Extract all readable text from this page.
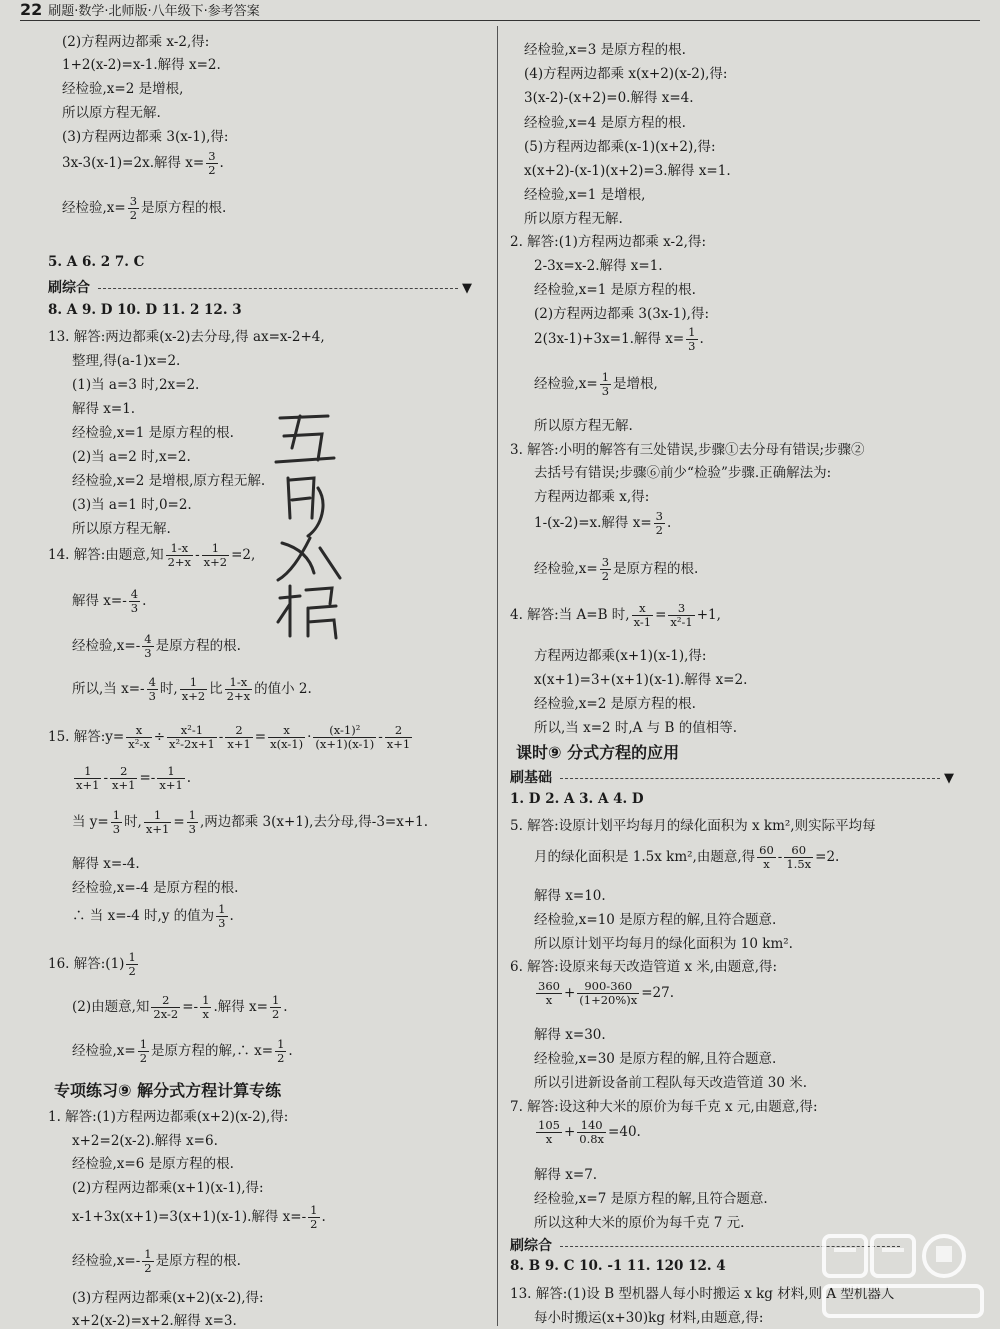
22 刷题·数学·北师版·八年级下·参考答案
(2)方程两边都乘 x-2,得:
1+2(x-2)=x-1.解得 x=2.
经检验,x=2 是增根,
所以原方程无解.
(3)方程两边都乘 3(x-1),得:
3x-3(x-1)=2x.解得 $x= \frac{3}{2}$ .
经检验$,x= \frac{3}{2}$ 是原方程的根.
5. A 6. 2 7. C
刷综合	▼
8. A 9. D 10. D 11. 2 12. 3
13. 解答:两边都乘(x-2)去分母,得 ax=x-2+4,
整理,得(a-1)x=2.
(1)当 a=3 时,2x=2.
解得 x=1.
经检验,x=1 是原方程的根.
(2)当 a=2 时,x=2.
经检验,x=2 是增根,原方程无解.
(3)当 a=1 时,0=2.
所以原方程无解.
14. 解答:由题意,知 $\frac{1-x}{2+x} - \frac{1}{x+2} =2$,
解得 $x=- \frac{4}{3}$ .
经检验$,x=- \frac{4}{3}$ 是原方程的根.
所以,当 $x=- \frac{4}{3}$ 时, $\frac{1}{x+2}$ 比 $\frac{1-x}{2+x}$ 的值小 2.
15. 解答:y= $\frac{x}{\text{x²-x}} \div \frac{\text{x²-1}}{\text{x²-2x+1}} - \frac{2}{x+1} = \frac{x}{x(x-1)} \cdot \frac{\text{(x-1)²}}{(x+1)(x-1)} - \frac{2}{x+1}$
$\frac{1}{x+1} - \frac{2}{x+1} =- \frac{1}{x+1}$ .
当 $y= \frac{1}{3}$ 时, $\frac{1}{x+1} = \frac{1}{3}$ ,两边都乘 3(x+1),去分母,得-3=x+1.
解得 x=-4.
经检验,x=-4 是原方程的根.
∴ 当 x=-4 时,y 的值为 $\frac{1}{3}$ .
16. 解答:(1) $\frac{1}{2}$
(2)由题意,知 $\frac{2}{2x-2} =- \frac{1}{x}$ .解得 $x= \frac{1}{2}$ .
经检验$,x= \frac{1}{2}$ 是原方程的解,∴ $x= \frac{1}{2}$ .
专项练习⑨ 解分式方程计算专练
1. 解答:(1)方程两边都乘(x+2)(x-2),得:
x+2=2(x-2).解得 x=6.
经检验,x=6 是原方程的根.
(2)方程两边都乘(x+1)(x-1),得:
x-1+3x(x+1)=3(x+1)(x-1).解得 $x=- \frac{1}{2}$ .
经检验$,x=- \frac{1}{2}$ 是原方程的根.
(3)方程两边都乘(x+2)(x-2),得:
x+2(x-2)=x+2.解得 x=3.
经检验,x=3 是原方程的根.
(4)方程两边都乘 x(x+2)(x-2),得:
3(x-2)-(x+2)=0.解得 x=4.
经检验,x=4 是原方程的根.
(5)方程两边都乘(x-1)(x+2),得:
x(x+2)-(x-1)(x+2)=3.解得 x=1.
经检验,x=1 是增根,
所以原方程无解.
2. 解答:(1)方程两边都乘 x-2,得:
2-3x=x-2.解得 x=1.
经检验,x=1 是原方程的根.
(2)方程两边都乘 3(3x-1),得:
2(3x-1)+3x=1.解得 $x= \frac{1}{3}$ .
经检验$,x= \frac{1}{3}$ 是增根,
所以原方程无解.
3. 解答:小明的解答有三处错误,步骤①去分母有错误;步骤②
去括号有错误;步骤⑥前少“检验”步骤.正确解法为:
方程两边都乘 x,得:
1-(x-2)=x.解得 $x= \frac{3}{2}$ .
经检验$,x= \frac{3}{2}$ 是原方程的根.
4. 解答:当 A=B 时, $\frac{x}{x-1} = \frac{3}{\text{x²-1}} +1$,
方程两边都乘(x+1)(x-1),得:
x(x+1)=3+(x+1)(x-1).解得 x=2.
经检验,x=2 是原方程的根.
所以,当 x=2 时,A 与 B 的值相等.
课时⑨ 分式方程的应用
刷基础	▼
1. D 2. A 3. A 4. D
5. 解答:设原计划平均每月的绿化面积为 x km²,则实际平均每
月的绿化面积是 1.5x km²,由题意,得 $\frac{60}{x} - \frac{60}{1.5x} =2$.
解得 x=10.
经检验,x=10 是原方程的解,且符合题意.
所以原计划平均每月的绿化面积为 10 km².
6. 解答:设原来每天改造管道 x 米,由题意,得:
$\frac{360}{x} + \frac{900-360}{(1+20\%)x} =27$.
解得 x=30.
经检验,x=30 是原方程的解,且符合题意.
所以引进新设备前工程队每天改造管道 30 米.
7. 解答:设这种大米的原价为每千克 x 元,由题意,得:
$\frac{105}{x} + \frac{140}{0.8x} =40$.
解得 x=7.
经检验,x=7 是原方程的解,且符合题意.
所以这种大米的原价为每千克 7 元.
刷综合
8. B 9. C 10. -1 11. 120 12. 4
13. 解答:(1)设 B 型机器人每小时搬运 x kg 材料,则 A 型机器人
每小时搬运(x+30)kg 材料,由题意,得:
